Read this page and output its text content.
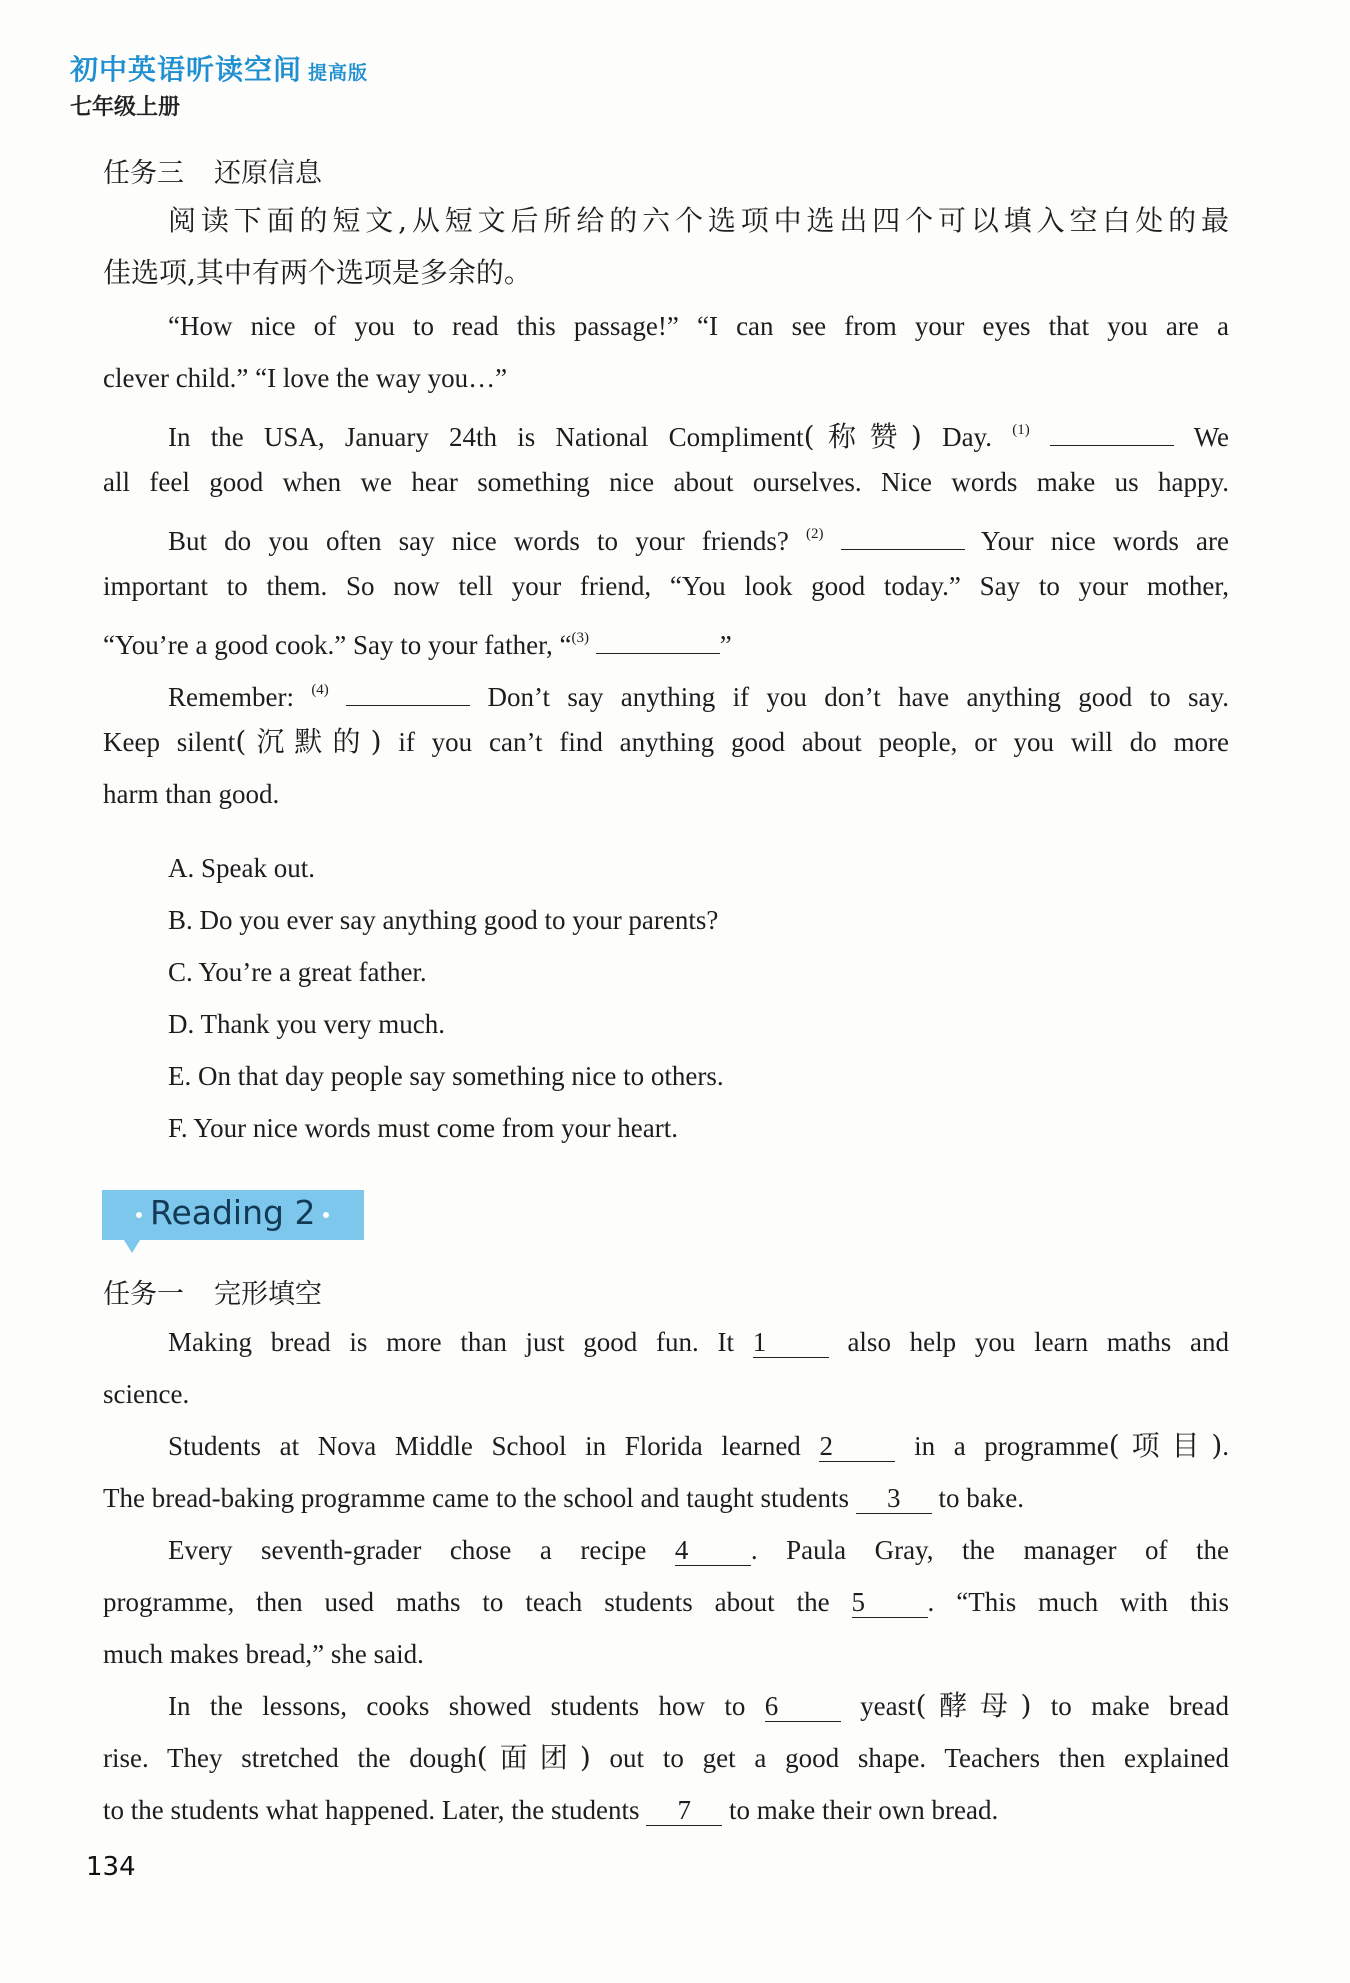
初中英语听读空间 提高版
七年级上册
任务三 还原信息
阅读下面的短文,从短文后所给的六个选项中选出四个可以填入空白处的最
佳选项,其中有两个选项是多余的。
“How nice of you to read this passage!” “I can see from your eyes that you are a
clever child.” “I love the way you…”
In the USA, January 24th is National Compliment(称赞) Day. $^{(1)}$	We
all feel good when we hear something nice about ourselves. Nice words make us happy.
But do you often say nice words to your friends? $^{(2)}$	Your nice words are
important to them. So now tell your friend, “You look good today.” Say to your mother,
“You’re a good cook.” Say to your father, “$^{(3)}$	”
Remember: $^{(4)}$	Don’t say anything if you don’t have anything good to say.
Keep silent(沉默的) if you can’t find anything good about people, or you will do more
harm than good.
A. Speak out.
B. Do you ever say anything good to your parents?
C. You’re a great father.
D. Thank you very much.
E. On that day people say something nice to others.
F. Your nice words must come from your heart.
Reading 2
任务一 完形填空
Making bread is more than just good fun. It 1 also help you learn maths and
science.
Students at Nova Middle School in Florida learned 2 in a programme(项目).
The bread-baking programme came to the school and taught students 3 to bake.
Every seventh-grader chose a recipe 4 . Paula Gray, the manager of the
programme, then used maths to teach students about the 5 . “This much with this
much makes bread,” she said.
In the lessons, cooks showed students how to 6 yeast(酵母) to make bread
rise. They stretched the dough(面团) out to get a good shape. Teachers then explained
to the students what happened. Later, the students 7 to make their own bread.
134
